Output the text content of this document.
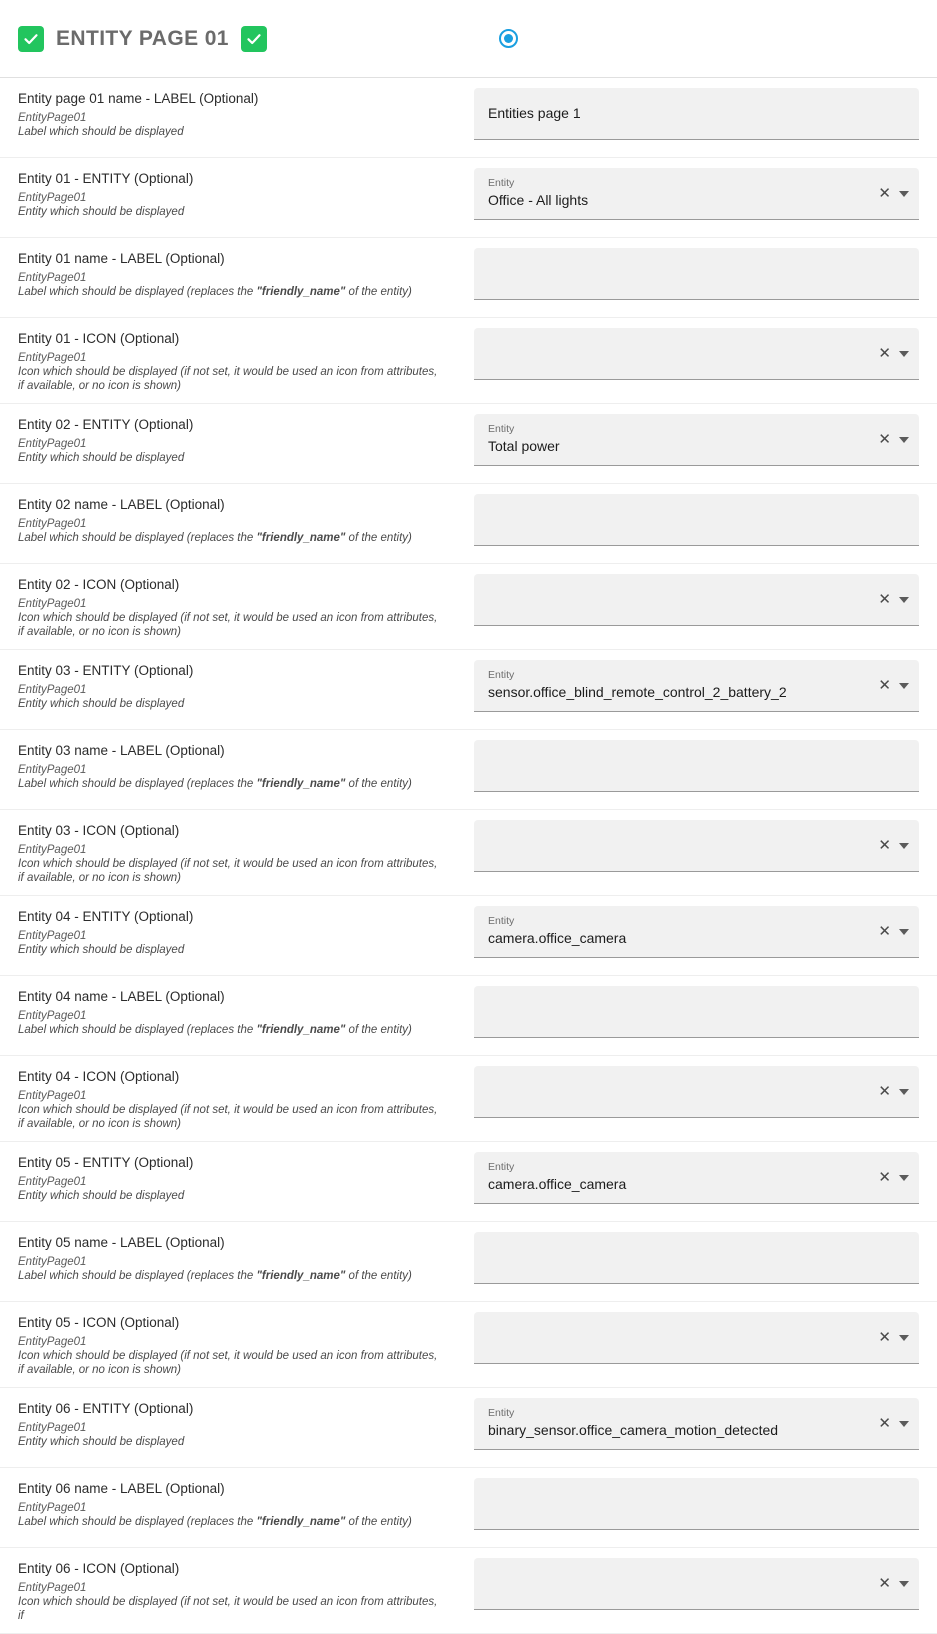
ENTITY PAGE 01
Entity page 01 name - LABEL (Optional)
EntityPage01
Label which should be displayed
Entities page 1
Entity 01 - ENTITY (Optional)
EntityPage01
Entity which should be displayed
Entity
Office - All lights	✕
Entity 01 name - LABEL (Optional)
EntityPage01
Label which should be displayed (replaces the "friendly_name" of the entity)
Entity 01 - ICON (Optional)
EntityPage01
Icon which should be displayed (if not set, it would be used an icon from attributes, if available, or no icon is shown)
✕
Entity 02 - ENTITY (Optional)
EntityPage01
Entity which should be displayed
Entity
Total power	✕
Entity 02 name - LABEL (Optional)
EntityPage01
Label which should be displayed (replaces the "friendly_name" of the entity)
Entity 02 - ICON (Optional)
EntityPage01
Icon which should be displayed (if not set, it would be used an icon from attributes, if available, or no icon is shown)
✕
Entity 03 - ENTITY (Optional)
EntityPage01
Entity which should be displayed
Entity
sensor.office_blind_remote_control_2_battery_2	✕
Entity 03 name - LABEL (Optional)
EntityPage01
Label which should be displayed (replaces the "friendly_name" of the entity)
Entity 03 - ICON (Optional)
EntityPage01
Icon which should be displayed (if not set, it would be used an icon from attributes, if available, or no icon is shown)
✕
Entity 04 - ENTITY (Optional)
EntityPage01
Entity which should be displayed
Entity
camera.office_camera	✕
Entity 04 name - LABEL (Optional)
EntityPage01
Label which should be displayed (replaces the "friendly_name" of the entity)
Entity 04 - ICON (Optional)
EntityPage01
Icon which should be displayed (if not set, it would be used an icon from attributes, if available, or no icon is shown)
✕
Entity 05 - ENTITY (Optional)
EntityPage01
Entity which should be displayed
Entity
camera.office_camera	✕
Entity 05 name - LABEL (Optional)
EntityPage01
Label which should be displayed (replaces the "friendly_name" of the entity)
Entity 05 - ICON (Optional)
EntityPage01
Icon which should be displayed (if not set, it would be used an icon from attributes, if available, or no icon is shown)
✕
Entity 06 - ENTITY (Optional)
EntityPage01
Entity which should be displayed
Entity
binary_sensor.office_camera_motion_detected	✕
Entity 06 name - LABEL (Optional)
EntityPage01
Label which should be displayed (replaces the "friendly_name" of the entity)
Entity 06 - ICON (Optional)
EntityPage01
Icon which should be displayed (if not set, it would be used an icon from attributes, if
✕
